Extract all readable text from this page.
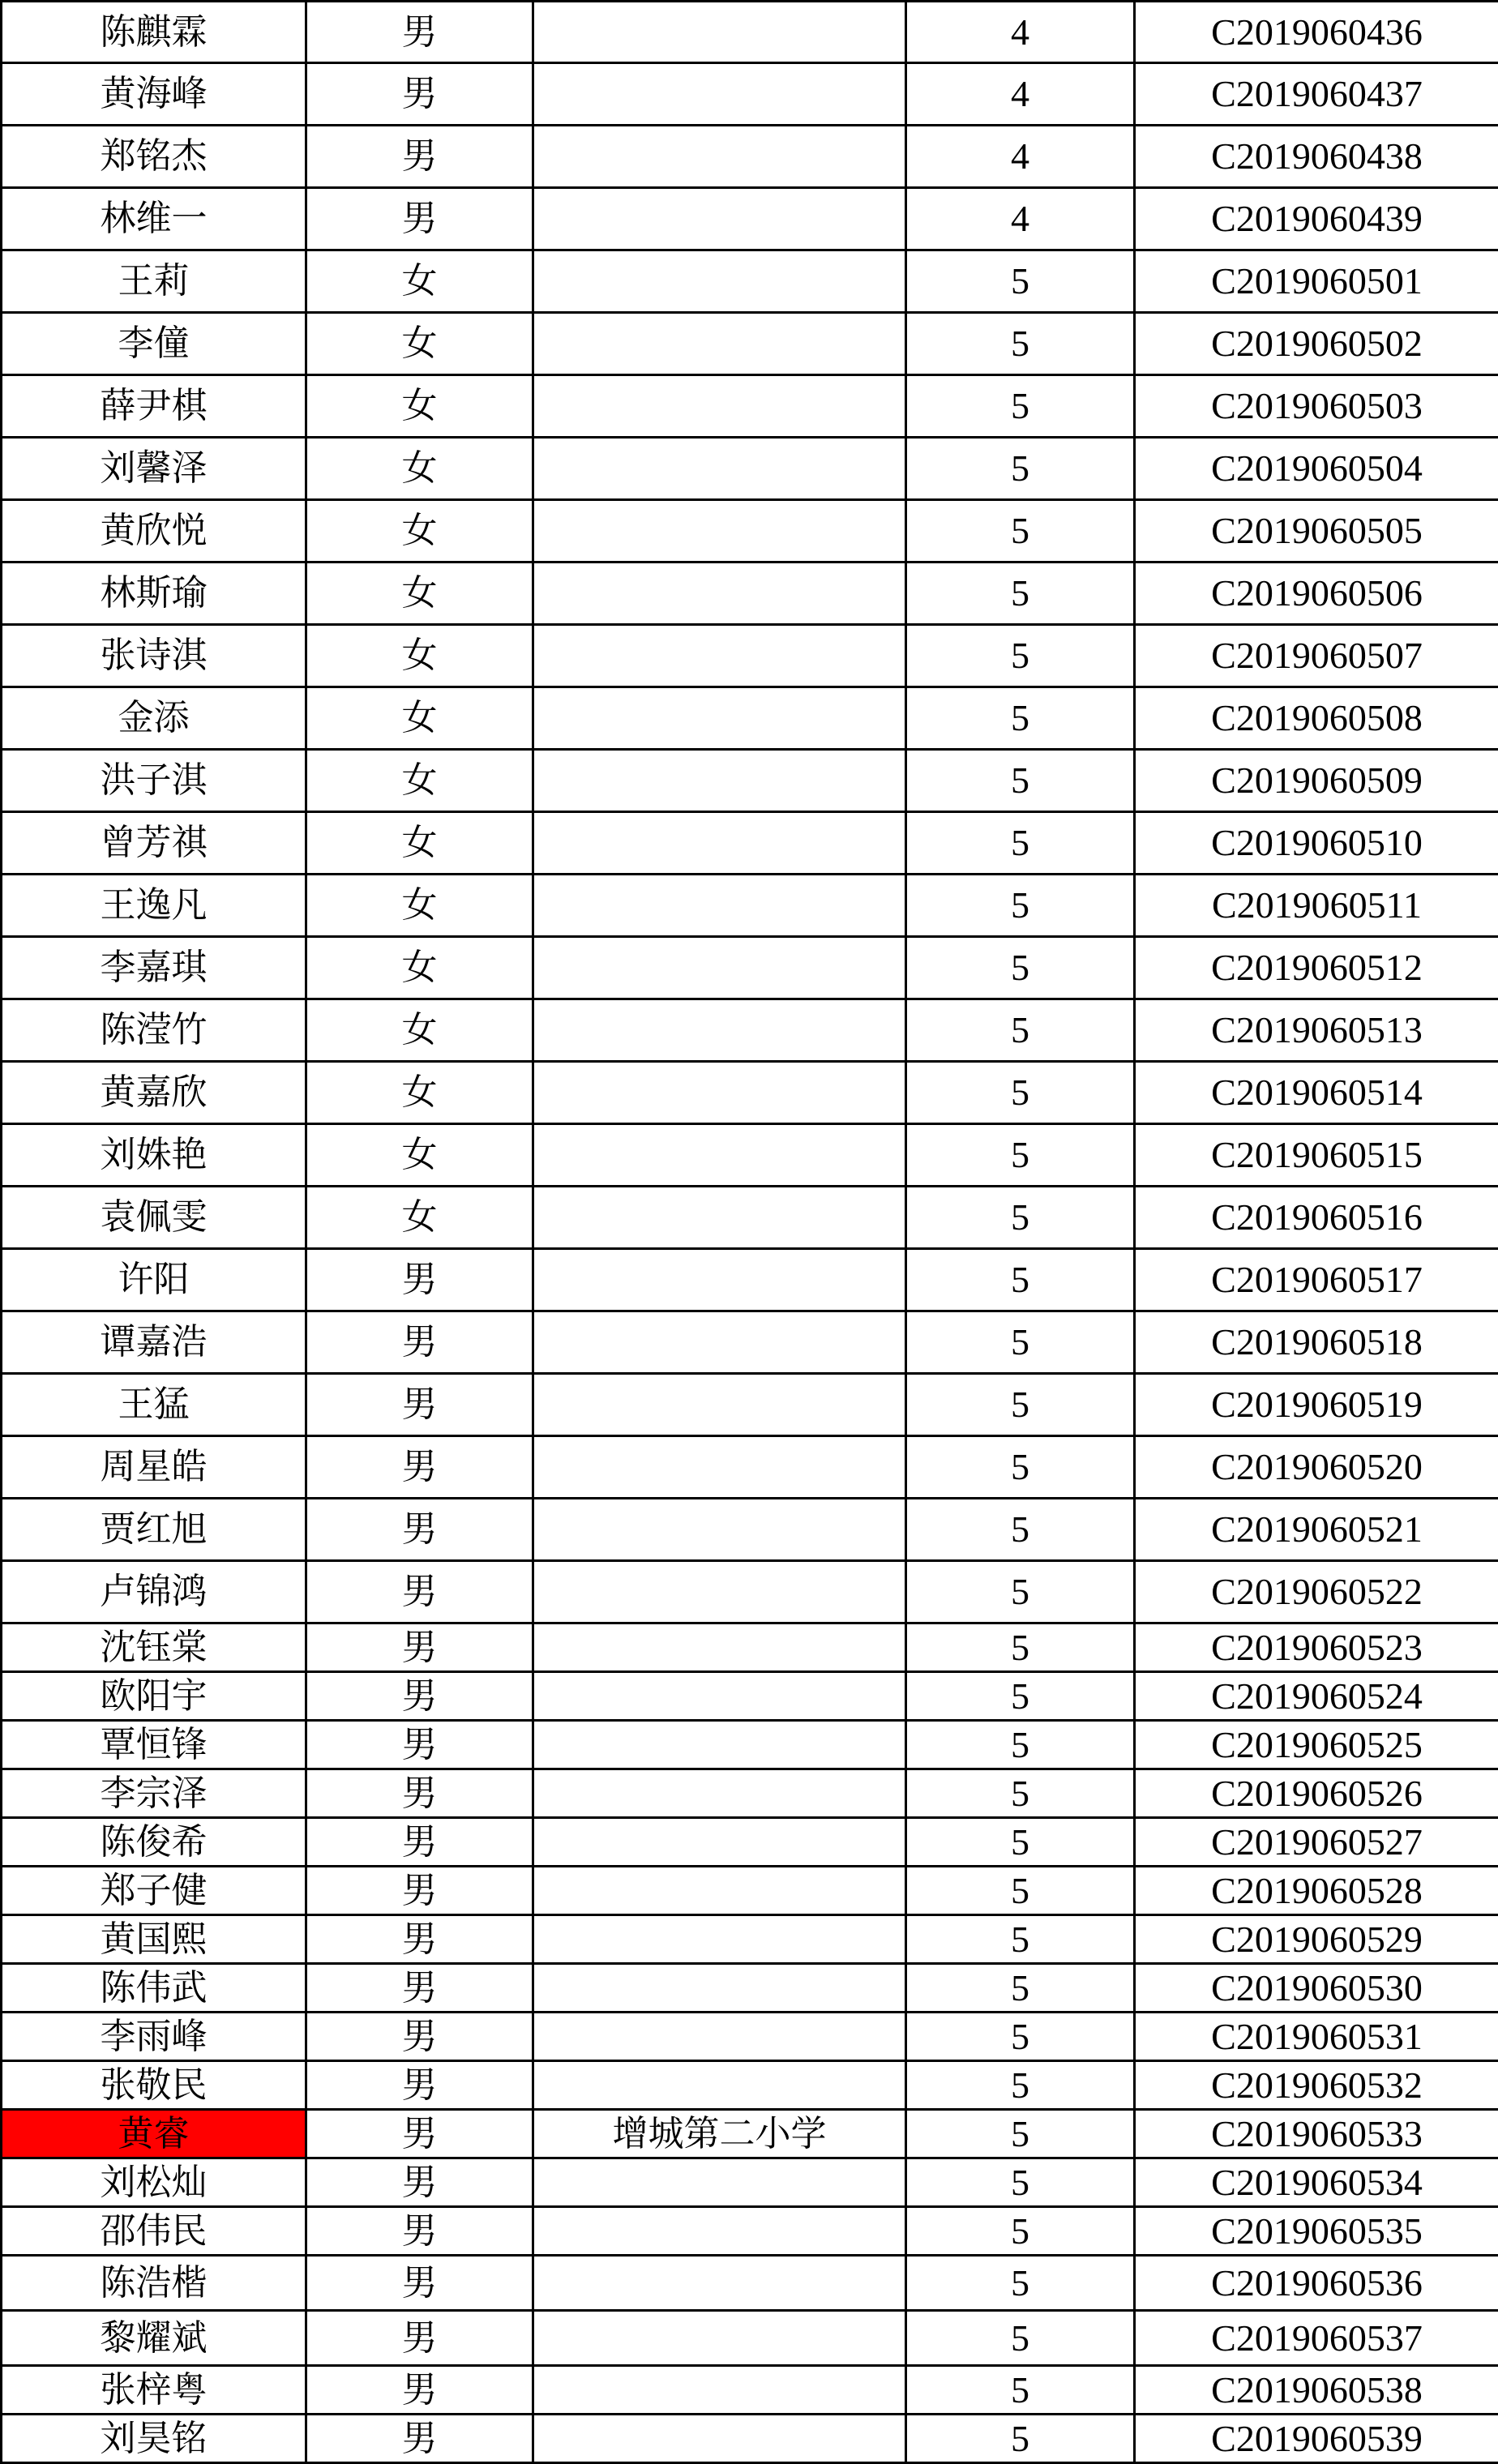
陈麒霖	男		4	C2019060436
黄海峰	男		4	C2019060437
郑铭杰	男		4	C2019060438
林维一	男		4	C2019060439
王莉	女		5	C2019060501
李僮	女		5	C2019060502
薛尹棋	女		5	C2019060503
刘馨泽	女		5	C2019060504
黄欣悦	女		5	C2019060505
林斯瑜	女		5	C2019060506
张诗淇	女		5	C2019060507
金添	女		5	C2019060508
洪子淇	女		5	C2019060509
曾芳祺	女		5	C2019060510
王逸凡	女		5	C2019060511
李嘉琪	女		5	C2019060512
陈滢竹	女		5	C2019060513
黄嘉欣	女		5	C2019060514
刘姝艳	女		5	C2019060515
袁佩雯	女		5	C2019060516
许阳	男		5	C2019060517
谭嘉浩	男		5	C2019060518
王猛	男		5	C2019060519
周星皓	男		5	C2019060520
贾红旭	男		5	C2019060521
卢锦鸿	男		5	C2019060522
沈钰棠	男		5	C2019060523
欧阳宇	男		5	C2019060524
覃恒锋	男		5	C2019060525
李宗泽	男		5	C2019060526
陈俊希	男		5	C2019060527
郑子健	男		5	C2019060528
黄国熙	男		5	C2019060529
陈伟武	男		5	C2019060530
李雨峰	男		5	C2019060531
张敬民	男		5	C2019060532
黄睿	男	增城第二小学	5	C2019060533
刘松灿	男		5	C2019060534
邵伟民	男		5	C2019060535
陈浩楷	男		5	C2019060536
黎耀斌	男		5	C2019060537
张梓粤	男		5	C2019060538
刘昊铭	男		5	C2019060539
